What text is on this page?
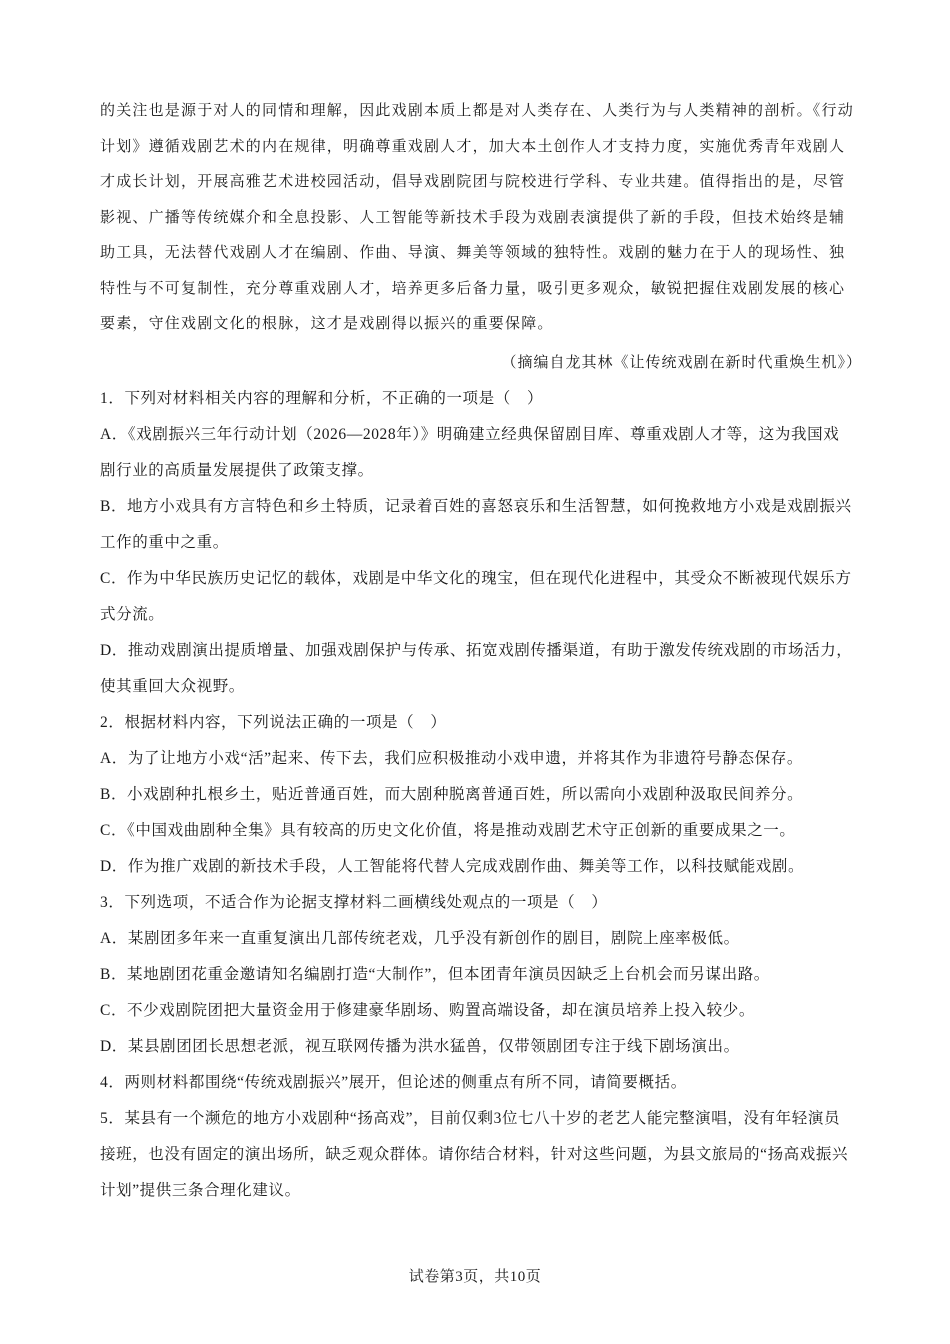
的关注也是源于对人的同情和理解，因此戏剧本质上都是对人类存在、人类行为与人类精神的剖析。《行动

计划》遵循戏剧艺术的内在规律，明确尊重戏剧人才，加大本土创作人才支持力度，实施优秀青年戏剧人

才成长计划，开展高雅艺术进校园活动，倡导戏剧院团与院校进行学科、专业共建。值得指出的是，尽管

影视、广播等传统媒介和全息投影、人工智能等新技术手段为戏剧表演提供了新的手段，但技术始终是辅

助工具，无法替代戏剧人才在编剧、作曲、导演、舞美等领域的独特性。戏剧的魅力在于人的现场性、独

特性与不可复制性，充分尊重戏剧人才，培养更多后备力量，吸引更多观众，敏锐把握住戏剧发展的核心

要素，守住戏剧文化的根脉，这才是戏剧得以振兴的重要保障。

（摘编自龙其林《让传统戏剧在新时代重焕生机》）

1．下列对材料相关内容的理解和分析，不正确的一项是（　）

A．《戏剧振兴三年行动计划（2026—2028年）》明确建立经典保留剧目库、尊重戏剧人才等，这为我国戏

剧行业的高质量发展提供了政策支撑。

B．地方小戏具有方言特色和乡土特质，记录着百姓的喜怒哀乐和生活智慧，如何挽救地方小戏是戏剧振兴

工作的重中之重。

C．作为中华民族历史记忆的载体，戏剧是中华文化的瑰宝，但在现代化进程中，其受众不断被现代娱乐方

式分流。

D．推动戏剧演出提质增量、加强戏剧保护与传承、拓宽戏剧传播渠道，有助于激发传统戏剧的市场活力，

使其重回大众视野。

2．根据材料内容，下列说法正确的一项是（　）

A．为了让地方小戏“活”起来、传下去，我们应积极推动小戏申遗，并将其作为非遗符号静态保存。

B．小戏剧种扎根乡土，贴近普通百姓，而大剧种脱离普通百姓，所以需向小戏剧种汲取民间养分。

C．《中国戏曲剧种全集》具有较高的历史文化价值，将是推动戏剧艺术守正创新的重要成果之一。

D．作为推广戏剧的新技术手段，人工智能将代替人完成戏剧作曲、舞美等工作，以科技赋能戏剧。

3．下列选项，不适合作为论据支撑材料二画横线处观点的一项是（　）

A．某剧团多年来一直重复演出几部传统老戏，几乎没有新创作的剧目，剧院上座率极低。

B．某地剧团花重金邀请知名编剧打造“大制作”，但本团青年演员因缺乏上台机会而另谋出路。

C．不少戏剧院团把大量资金用于修建豪华剧场、购置高端设备，却在演员培养上投入较少。

D．某县剧团团长思想老派，视互联网传播为洪水猛兽，仅带领剧团专注于线下剧场演出。

4．两则材料都围绕“传统戏剧振兴”展开，但论述的侧重点有所不同，请简要概括。

5．某县有一个濒危的地方小戏剧种“扬高戏”，目前仅剩3位七八十岁的老艺人能完整演唱，没有年轻演员

接班，也没有固定的演出场所，缺乏观众群体。请你结合材料，针对这些问题，为县文旅局的“扬高戏振兴

计划”提供三条合理化建议。

试卷第3页，共10页
